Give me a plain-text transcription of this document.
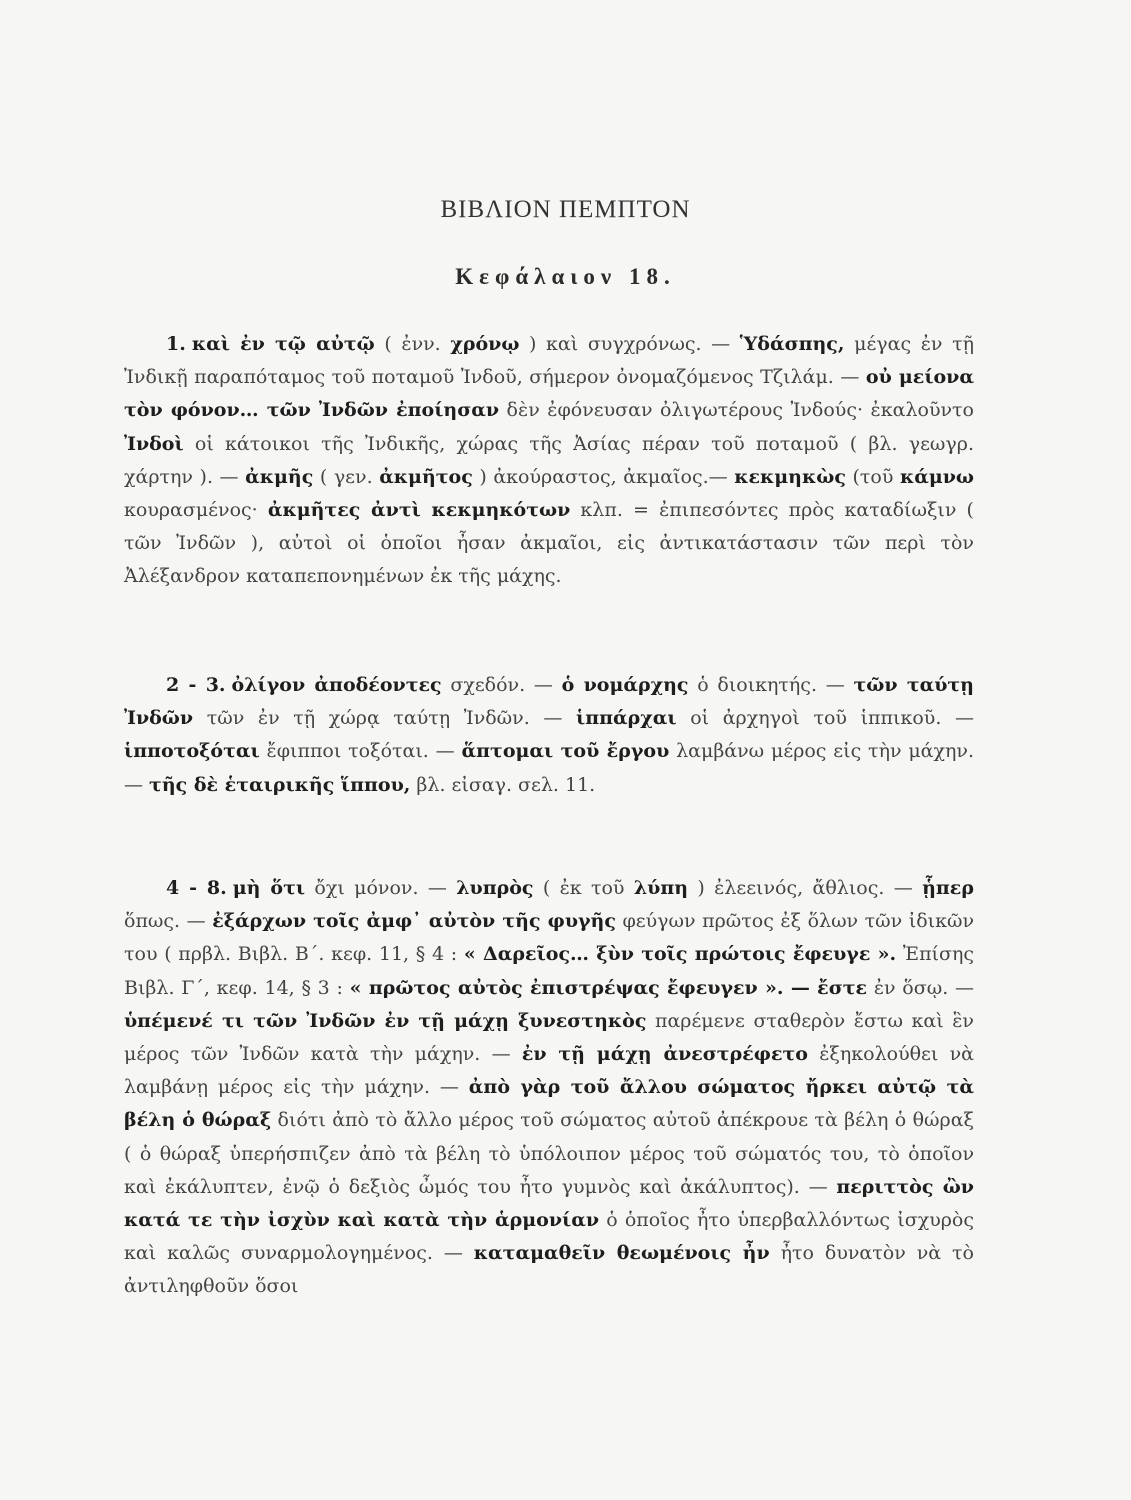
ΒΙΒΛΙΟΝ ΠΕΜΠΤΟΝ
Κεφάλαιον 18.
1. καὶ ἐν τῷ αὐτῷ ( ἐνν. χρόνῳ ) καὶ συγχρόνως. — Ὑδάσπης, μέγας ἐν τῇ Ἰνδικῇ παραπόταμος τοῦ ποταμοῦ Ἰνδοῦ, σήμερον ὀνομαζόμενος Τζιλάμ. — οὐ μείονα τὸν φόνον… τῶν Ἰνδῶν ἐποίησαν δὲν ἐφόνευσαν ὀλιγωτέρους Ἰνδούς· ἐκαλοῦντο Ἰνδοὶ οἱ κάτοικοι τῆς Ἰνδικῆς, χώρας τῆς Ἀσίας πέραν τοῦ ποταμοῦ ( βλ. γεωγρ. χάρτην ). — ἀκμῆς ( γεν. ἀκμῆτος ) ἀκούραστος, ἀκμαῖος.— κεκμηκὼς (τοῦ κάμνω κουρασμένος· ἀκμῆτες ἀντὶ κεκμηκότων κλπ. = ἐπιπεσόντες πρὸς καταδίωξιν ( τῶν Ἰνδῶν ), αὐτοὶ οἱ ὁποῖοι ἦσαν ἀκμαῖοι, εἰς ἀντικατάστασιν τῶν περὶ τὸν Ἀλέξανδρον καταπεπονημένων ἐκ τῆς μάχης.
2 - 3. ὀλίγον ἀποδέοντες σχεδόν. — ὁ νομάρχης ὁ διοικητής. — τῶν ταύτῃ Ἰνδῶν τῶν ἐν τῇ χώρᾳ ταύτῃ Ἰνδῶν. — ἱππάρχαι οἱ ἀρχηγοὶ τοῦ ἱππικοῦ. — ἱπποτοξόται ἔφιπποι τοξόται. — ἅπτομαι τοῦ ἔργου λαμβάνω μέρος εἰς τὴν μάχην. — τῆς δὲ ἑταιρικῆς ἵππου, βλ. εἰσαγ. σελ. 11.
4 - 8. μὴ ὅτι ὄχι μόνον. — λυπρὸς ( ἐκ τοῦ λύπη ) ἐλεεινός, ἄθλιος. — ᾗπερ ὅπως. — ἐξάρχων τοῖς ἀμφ᾽ αὐτὸν τῆς φυγῆς φεύγων πρῶτος ἐξ ὅλων τῶν ἰδικῶν του ( πρβλ. Βιβλ. Β΄. κεφ. 11, § 4 : « Δαρεῖος… ξὺν τοῖς πρώτοις ἔφευγε ». Ἐπίσης Βιβλ. Γ΄, κεφ. 14, § 3 : « πρῶτος αὐτὸς ἐπιστρέψας ἔφευγεν ». — ἔστε ἐν ὅσῳ. — ὑπέμενέ τι τῶν Ἰνδῶν ἐν τῇ μάχῃ ξυνεστηκὸς παρέμενε σταθερὸν ἔστω καὶ ἓν μέρος τῶν Ἰνδῶν κατὰ τὴν μάχην. — ἐν τῇ μάχῃ ἀνεστρέφετο ἐξηκολούθει νὰ λαμβάνῃ μέρος εἰς τὴν μάχην. — ἀπὸ γὰρ τοῦ ἄλλου σώματος ἤρκει αὐτῷ τὰ βέλη ὁ θώραξ διότι ἀπὸ τὸ ἄλλο μέρος τοῦ σώματος αὐτοῦ ἀπέκρουε τὰ βέλη ὁ θώραξ ( ὁ θώραξ ὑπερήσπιζεν ἀπὸ τὰ βέλη τὸ ὑπόλοιπον μέρος τοῦ σώματός του, τὸ ὁποῖον καὶ ἐκάλυπτεν, ἐνῷ ὁ δεξιὸς ὦμός του ἦτο γυμνὸς καὶ ἀκάλυπτος). — περιττὸς ὢν κατά τε τὴν ἰσχὺν καὶ κατὰ τὴν ἁρμονίαν ὁ ὁποῖος ἦτο ὑπερβαλλόντως ἰσχυρὸς καὶ καλῶς συναρμολογημένος. — καταμαθεῖν θεωμένοις ἦν ἦτο δυνατὸν νὰ τὸ ἀντιληφθοῦν ὅσοι
